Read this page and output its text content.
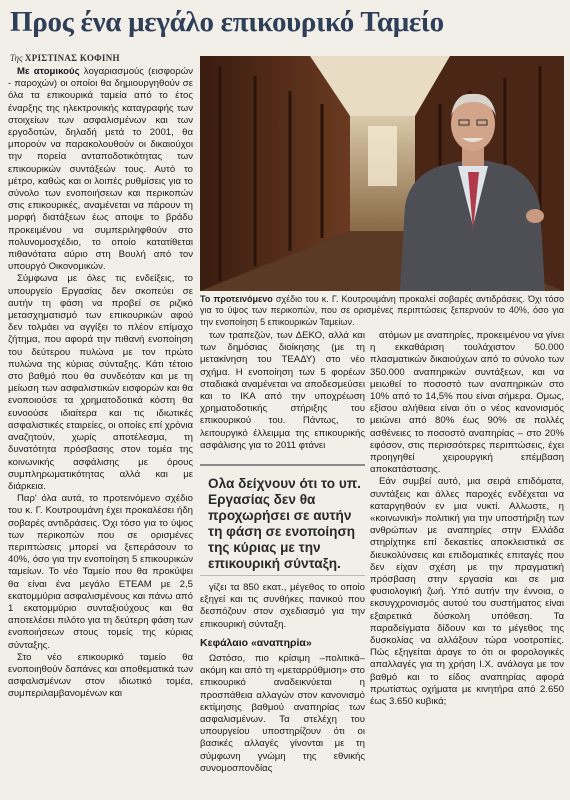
Προς ένα μεγάλο επικουρικό Ταμείο
Της ΧΡΙΣΤΙΝΑΣ ΚΟΦΙΝΗ

Με ατομικούς λογαριασμούς (εισφορών - παροχών) οι οποίοι θα δημιουργηθούν σε όλα τα επικουρικά ταμεία από το έτος έναρξης της ηλεκτρονικής καταγραφής των στοιχείων των ασφαλισμένων και των εργοδοτών, δηλαδή μετά το 2001, θα μπορούν να παρακολουθούν οι δικαιούχοι την πορεία ανταποδοτικότητας των επικουρικών συντάξεών τους. Αυτό το μέτρο, καθώς και οι λοιπές ρυθμίσεις για το σύνολο των ενοποιήσεων και περικοπών στις επικουρικές, αναμένεται να πάρουν τη μορφή διατάξεων έως αποψε το βράδυ προκειμένου να συμπεριληφθούν στο πολυνομοσχέδιο, το οποίο κατατίθεται πιθανότατα αύριο στη Βουλή από τον υπουργό Οικονομικών.

Σύμφωνα με όλες τις ενδείξεις, το υπουργείο Εργασίας δεν σκοπεύει σε αυτήν τη φάση να προβεί σε ριζικό μετασχηματισμό των επικουρικών αφού δεν τολμάει να αγγίξει το πλέον επίμαχο ζήτημα, που αφορά την πιθανή ενοποίηση του δεύτερου πυλώνα με τον πρώτο πυλώνα της κύριας σύνταξης. Κάτι τέτοιο στο βαθμό που θα συνδεόταν και με τη μείωση των ασφαλιστικών εισφορών και θα ενοποιούσε τα χρηματοδοτικά κόστη θα ευνοούσε ιδιαίτερα και τις ιδιωτικές ασφαλιστικές εταιρείες, οι οποίες επί χρόνια αναζητούν, χωρίς αποτέλεσμα, τη δυνατότητα πρόσβασης στον τομέα της κοινωνικής ασφάλισης με όρους συμπληρωματικότητας αλλά και με διάρκεια.

Παρ' όλα αυτά, το προτεινόμενο σχέδιο του κ. Γ. Κουτρουμάνη έχει προκαλέσει ήδη σοβαρές αντιδράσεις. Όχι τόσο για το ύψος των περικοπών που σε ορισμένες περιπτώσεις μπορεί να ξεπεράσουν το 40%, όσο για την ενοποίηση 5 επικουρικών ταμείων. Το νέο Ταμείο που θα προκύψει θα είναι ένα μεγάλο ΕΤΕΑΜ με 2,5 εκατομμύρια ασφαλισμένους και πάνω από 1 εκατομμύριο συνταξιούχους και θα αποτελέσει πιλότο για τη δεύτερη φάση των ενοποιήσεων στους τομείς της κύριας σύνταξης.

Στο νέο επικουρικό ταμείο θα ενοποιηθούν δαπάνες και αποθεματικά των ασφαλισμένων στον ιδιωτικό τομέα, συμπεριλαμβανομένων και

Το προτεινόμενο σχέδιο του κ. Γ. Κουτρουμάνη προκαλεί σοβαρές αντιδράσεις. Όχι τόσο για το ύψος των περικοπών, που σε ορισμένες περιπτώσεις ξεπερνούν το 40%, όσο για την ενοποίηση 5 επικουρικών Ταμείων.

των τραπεζών, των ΔΕΚΟ, αλλά και των δημόσιας διοίκησης (με τη μετακίνηση του ΤΕΑΔΥ) στο νέο σχήμα. Η ενοποίηση των 5 φορέων σταδιακά αναμένεται να αποδεσμεύσει και το ΙΚΑ από την υποχρέωση χρηματοδοτικής στήριξης του επικουρικού του. Πάντως, το λειτουργικό έλλειμμα της επικουρικής ασφάλισης για το 2011 φτάνει

Ολα δείχνουν ότι το υπ. Εργασίας δεν θα προχωρήσει σε αυτήν τη φάση σε ενοποίηση της κύριας με την επικουρική σύνταξη.

γίζει τα 850 εκατ., μέγεθος το οποίο εξηγεί και τις συνθήκες πανικού που δεσπόζουν στον σχεδιασμό για την επικουρική σύνταξη.

Κεφάλαιο «αναπηρία»

Ωστόσο, πιο κρίσιμη –πολιτικά– ακόμη και από τη «μεταρρύθμιση» στο επικουρικό αναδεικνύεται η προσπάθεια αλλαγών στον κανονισμό εκτίμησης βαθμού αναπηρίας των ασφαλισμένων. Τα στελέχη του υπουργείου υποστηρίζουν ότι οι βασικές αλλαγές γίνονται με τη σύμφωνη γνώμη της εθνικής συνομοσπονδίας

ατόμων με αναπηρίες, προκειμένου να γίνει η εκκαθάριση τουλάχιστον 50.000 πλασματικών δικαιούχων από το σύνολο των 350.000 αναπηρικών συντάξεων, και να μειωθεί το ποσοστό των αναπηρικών στο 10% από το 14,5% που είναι σήμερα. Ομως, εξίσου αλήθεια είναι ότι ο νέος κανονισμός μειώνει από 80% έως 90% σε πολλές ασθένειες το ποσοστό αναπηρίας – στο 20% εφόσον, στις περισσότερες περιπτώσεις, έχει προηγηθεί χειρουργική επέμβαση αποκατάστασης.

Εάν συμβεί αυτό, μια σειρά επιδόματα, συντάξεις και άλλες παροχές ενδέχεται να καταργηθούν εν μια νυκτί. Αλλωστε, η «κοινωνική» πολιτική για την υποστήριξη των ανθρώπων με αναπηρίες στην Ελλάδα στηρίχτηκε επί δεκαετίες αποκλειστικά σε διευκολύνσεις και επιδοματικές επιταγές που δεν είχαν σχέση με την πραγματική πρόσβαση στην εργασία και σε μια φυσιολογική ζωή. Υπό αυτήν την έννοια, ο εκσυγχρονισμός αυτού του συστήματος είναι εξαιρετικά δύσκολη υπόθεση. Τα παραδείγματα δίδουν και το μέγεθος της δυσκολίας να αλλάξουν τώρα νοοτροπίες. Πώς εξηγείται άραγε το ότι οι φορολογικές απαλλαγές για τη χρήση Ι.Χ. ανάλογα με τον βαθμό και το είδος αναπηρίας αφορά πρωτίστως οχήματα με κινητήρα από 2.650 έως 3.650 κυβικά;
